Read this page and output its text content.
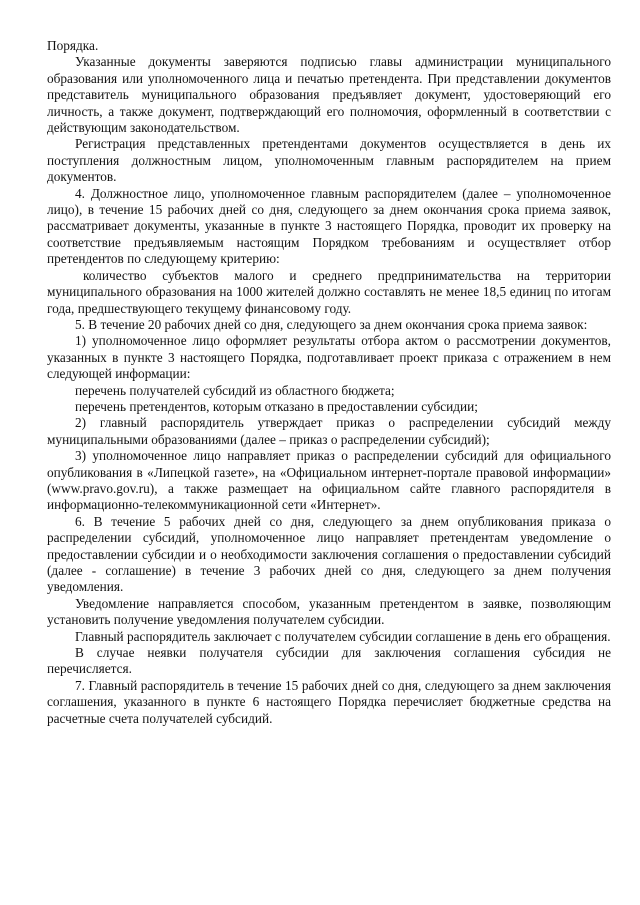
Порядка.

Указанные документы заверяются подписью главы администрации муниципального образования или уполномоченного лица и печатью претендента. При представлении документов представитель муниципального образования предъявляет документ, удостоверяющий его личность, а также документ, подтверждающий его полномочия, оформленный в соответствии с действующим законодательством.

Регистрация представленных претендентами документов осуществляется в день их поступления должностным лицом, уполномоченным главным распорядителем на прием документов.

4. Должностное лицо, уполномоченное главным распорядителем (далее – уполномоченное лицо), в течение 15 рабочих дней со дня, следующего за днем окончания срока приема заявок, рассматривает документы, указанные в пункте 3 настоящего Порядка, проводит их проверку на соответствие предъявляемым настоящим Порядком требованиям и осуществляет отбор претендентов по следующему критерию:

количество субъектов малого и среднего предпринимательства на территории муниципального образования на 1000 жителей должно составлять не менее 18,5 единиц по итогам года, предшествующего текущему финансовому году.

5. В течение 20 рабочих дней со дня, следующего за днем окончания срока приема заявок:

1) уполномоченное лицо оформляет результаты отбора актом о рассмотрении документов, указанных в пункте 3 настоящего Порядка, подготавливает проект приказа с отражением в нем следующей информации:

перечень получателей субсидий из областного бюджета;

перечень претендентов, которым отказано в предоставлении субсидии;

2) главный распорядитель утверждает приказ о распределении субсидий между муниципальными образованиями (далее – приказ о распределении субсидий);

3) уполномоченное лицо направляет приказ о распределении субсидий для официального опубликования в «Липецкой газете», на «Официальном интернет-портале правовой информации» (www.pravo.gov.ru), а также размещает на официальном сайте главного распорядителя в информационно-телекоммуникационной сети «Интернет».

6. В течение 5 рабочих дней со дня, следующего за днем опубликования приказа о распределении субсидий, уполномоченное лицо направляет претендентам уведомление о предоставлении субсидии и о необходимости заключения соглашения о предоставлении субсидий (далее - соглашение) в течение 3 рабочих дней со дня, следующего за днем получения уведомления.

Уведомление направляется способом, указанным претендентом в заявке, позволяющим установить получение уведомления получателем субсидии.

Главный распорядитель заключает с получателем субсидии соглашение в день его обращения.

В случае неявки получателя субсидии для заключения соглашения субсидия не перечисляется.

7. Главный распорядитель в течение 15 рабочих дней со дня, следующего за днем заключения соглашения, указанного в пункте 6 настоящего Порядка перечисляет бюджетные средства на расчетные счета получателей субсидий.
